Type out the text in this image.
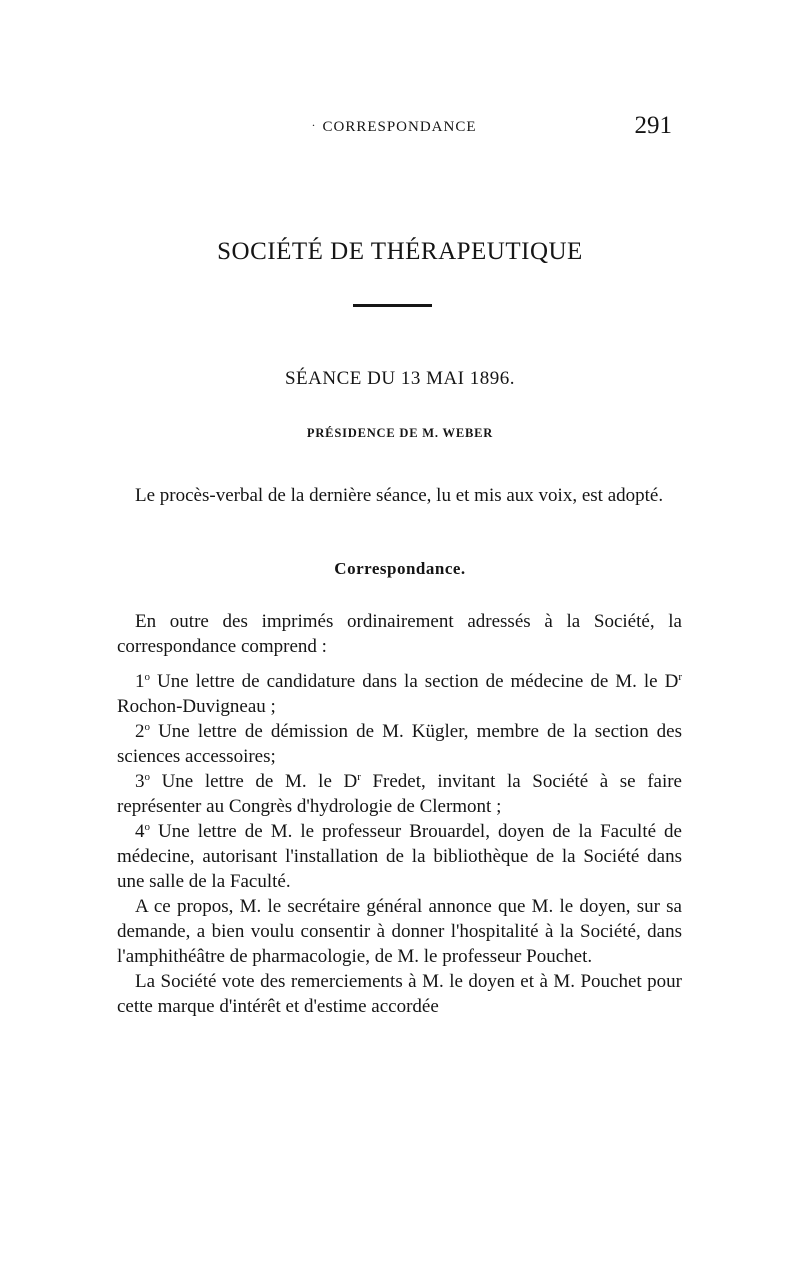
· CORRESPONDANCE	291
SOCIÉTÉ DE THÉRAPEUTIQUE
SÉANCE DU 13 MAI 1896.
PRÉSIDENCE DE M. WEBER

Le procès-verbal de la dernière séance, lu et mis aux voix, est adopté.

Correspondance.

En outre des imprimés ordinairement adressés à la Société, la correspondance comprend :

1$^o$ Une lettre de candidature dans la section de médecine de M. le $D^r$ Rochon-Duvigneau ;

2$^o$ Une lettre de démission de M. Kügler, membre de la section des sciences accessoires;

3$^o$ Une lettre de M. le $D^r$ Fredet, invitant la Société à se faire représenter au Congrès d'hydrologie de Clermont ;

4$^o$ Une lettre de M. le professeur Brouardel, doyen de la Faculté de médecine, autorisant l'installation de la bibliothèque de la Société dans une salle de la Faculté.

A ce propos, M. le secrétaire général annonce que M. le doyen, sur sa demande, a bien voulu consentir à donner l'hospitalité à la Société, dans l'amphithéâtre de pharmacologie, de M. le professeur Pouchet.

La Société vote des remerciements à M. le doyen et à M. Pouchet pour cette marque d'intérêt et d'estime accordée
